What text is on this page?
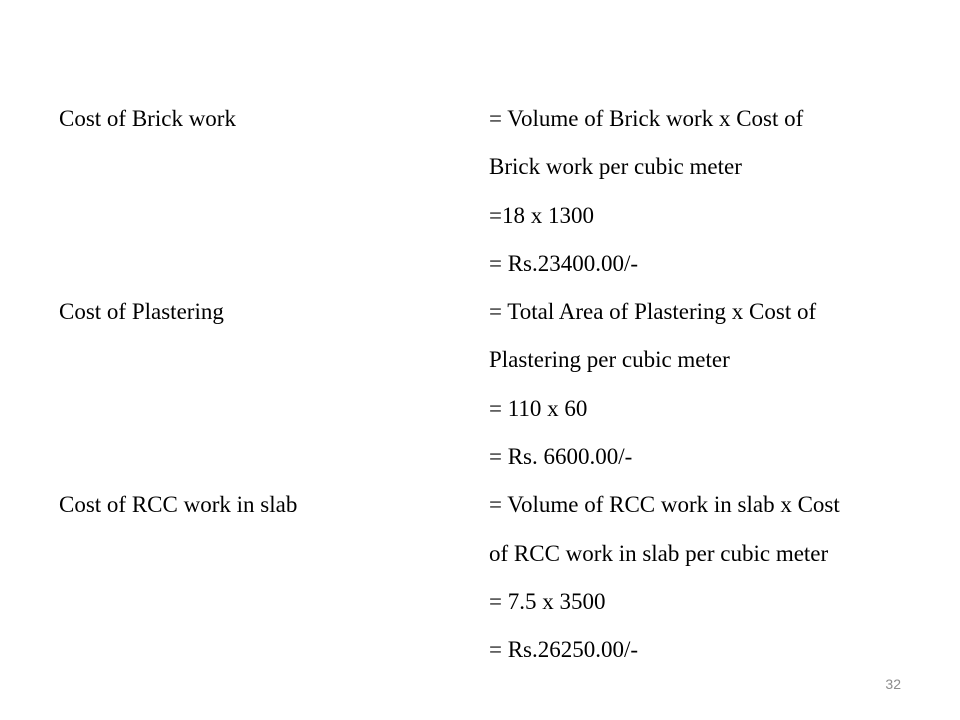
Cost of Brick work	= Volume of Brick work x Cost of
Brick work per cubic meter
=18 x 1300
= Rs.23400.00/-
Cost of Plastering	= Total Area of Plastering x Cost of
Plastering per cubic meter
= 110 x 60
= Rs. 6600.00/-
Cost of RCC work in slab	= Volume of RCC work in slab x Cost
of RCC work in slab per cubic meter
= 7.5 x 3500
= Rs.26250.00/-
32
